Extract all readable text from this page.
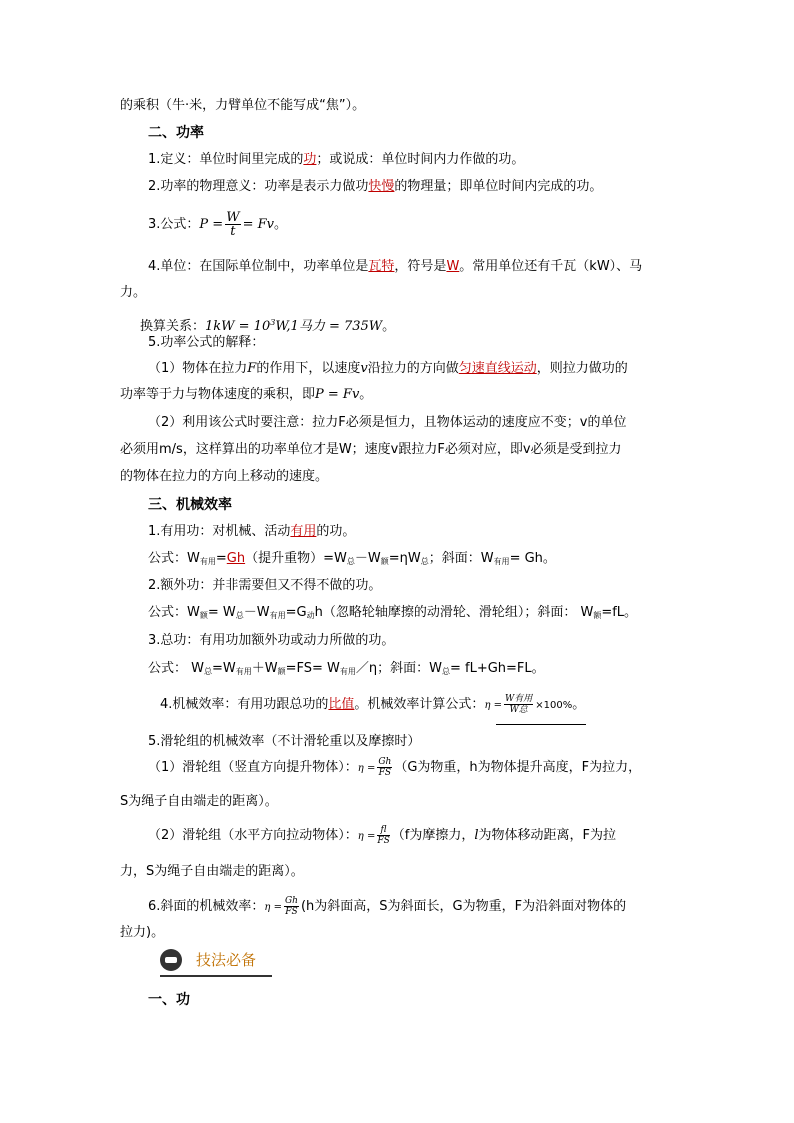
的乘积（牛·米，力臂单位不能写成“焦”）。
二、功率
1.定义：单位时间里完成的功；或说成：单位时间内力作做的功。
2.功率的物理意义：功率是表示力做功快慢的物理量；即单位时间内完成的功。
3.公式：$P = \frac{W}{t} = Fv$。
4.单位：在国际单位制中，功率单位是瓦特，符号是W。常用单位还有千瓦（kW）、马
力。
换算关系：$1kW = 10^3W,1$马力 = 735W。
5.功率公式的解释：
（1）物体在拉力F的作用下，以速度v沿拉力的方向做匀速直线运动，则拉力做功的
功率等于力与物体速度的乘积，即P = Fv。
（2）利用该公式时要注意：拉力F必须是恒力，且物体运动的速度应不变；v的单位
必须用m/s，这样算出的功率单位才是W；速度v跟拉力F必须对应，即v必须是受到拉力
的物体在拉力的方向上移动的速度。
三、机械效率
1.有用功：对机械、活动有用的功。
公式：$W_{有用}=Gh$（提升重物）$=W_总-W_额=\eta W_总$；斜面：$W_{有用}= Gh$。
2.额外功：并非需要但又不得不做的功。
公式：$W_额= W_总-W_{有用}=G_动h$（忽略轮轴摩擦的动滑轮、滑轮组）；斜面： $W_额=fL$。
3.总功：有用功加额外功或动力所做的功。
公式： $W_总=W_{有用}+W_额=FS=$ $W_{有用}/\eta$；斜面：$W_总= fL+Gh=FL$。
4.机械效率：有用功跟总功的比值。机械效率计算公式：$\eta = \frac{\text{W有用}}{\text{W总}} \times 100\%$。
5.滑轮组的机械效率（不计滑轮重以及摩擦时）
（1）滑轮组（竖直方向提升物体）：$\eta = \frac{Gh}{FS} (G$为物重，h为物体提升高度，F为拉力，
S为绳子自由端走的距离）。
（2）滑轮组（水平方向拉动物体）：$\eta = \frac{fl}{FS} (f$为摩擦力，l为物体移动距离，F为拉
力，S为绳子自由端走的距离）。
6.斜面的机械效率：$\eta = \frac{Gh}{FS} (h$为斜面高，S为斜面长，G为物重，F为沿斜面对物体的
拉力)。
技法必备
一、功
